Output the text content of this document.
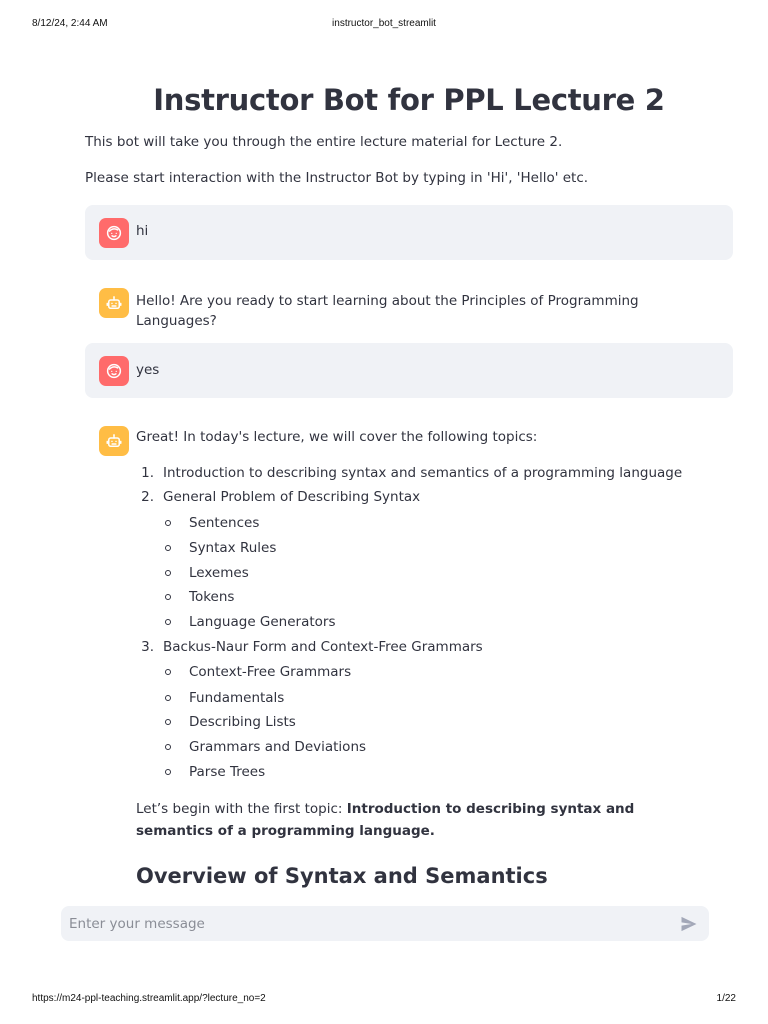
8/12/24, 2:44 AM	instructor_bot_streamlit
Instructor Bot for PPL Lecture 2

This bot will take you through the entire lecture material for Lecture 2.

Please start interaction with the Instructor Bot by typing in 'Hi', 'Hello' etc.

hi
Hello! Are you ready to start learning about the Principles of Programming Languages?
yes
Great! In today's lecture, we will cover the following topics:
1. Introduction to describing syntax and semantics of a programming language
2. General Problem of Describing Syntax
Sentences
Syntax Rules
Lexemes
Tokens
Language Generators
3. Backus-Naur Form and Context-Free Grammars
Context-Free Grammars
Fundamentals
Describing Lists
Grammars and Deviations
Parse Trees

Let’s begin with the first topic: Introduction to describing syntax and semantics of a programming language.

Overview of Syntax and Semantics
Enter your message
https://m24-ppl-teaching.streamlit.app/?lecture_no=2	1/22
